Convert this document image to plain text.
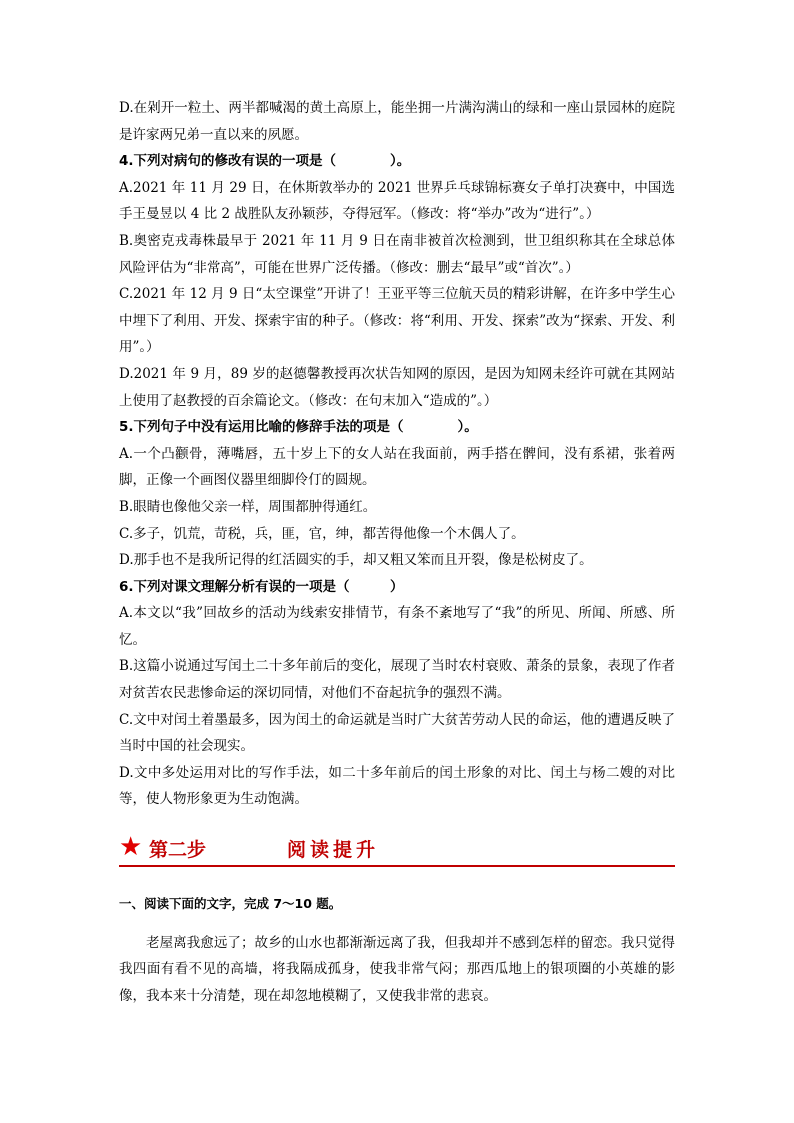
D.在剁开一粒土、两半都喊渴的黄土高原上，能坐拥一片满沟满山的绿和一座山景园林的庭院是许家两兄弟一直以来的夙愿。

4.下列对病句的修改有误的一项是（　　　　）。

A.2021 年 11 月 29 日，在休斯敦举办的 2021 世界乒乓球锦标赛女子单打决赛中，中国选手王曼昱以 4 比 2 战胜队友孙颖莎，夺得冠军。（修改：将“举办”改为“进行”。）

B.奥密克戎毒株最早于 2021 年 11 月 9 日在南非被首次检测到，世卫组织称其在全球总体风险评估为“非常高”，可能在世界广泛传播。（修改：删去“最早”或“首次”。）

C.2021 年 12 月 9 日“太空课堂”开讲了！王亚平等三位航天员的精彩讲解，在许多中学生心中埋下了利用、开发、探索宇宙的种子。（修改：将“利用、开发、探索”改为“探索、开发、利用”。）

D.2021 年 9 月，89 岁的赵德馨教授再次状告知网的原因，是因为知网未经许可就在其网站上使用了赵教授的百余篇论文。（修改：在句末加入“造成的”。）

5.下列句子中没有运用比喻的修辞手法的项是（　　　　）。

A.一个凸颧骨，薄嘴唇，五十岁上下的女人站在我面前，两手搭在髀间，没有系裙，张着两脚，正像一个画图仪器里细脚伶仃的圆规。

B.眼睛也像他父亲一样，周围都肿得通红。

C.多子，饥荒，苛税，兵，匪，官，绅，都苦得他像一个木偶人了。

D.那手也不是我所记得的红活圆实的手，却又粗又笨而且开裂，像是松树皮了。

6.下列对课文理解分析有误的一项是（　　　）

A.本文以“我”回故乡的活动为线索安排情节，有条不紊地写了“我”的所见、所闻、所感、所忆。

B.这篇小说通过写闰土二十多年前后的变化，展现了当时农村衰败、萧条的景象，表现了作者对贫苦农民悲惨命运的深切同情，对他们不奋起抗争的强烈不满。

C.文中对闰土着墨最多，因为闰土的命运就是当时广大贫苦劳动人民的命运，他的遭遇反映了当时中国的社会现实。

D.文中多处运用对比的写作手法，如二十多年前后的闰土形象的对比、闰土与杨二嫂的对比等，使人物形象更为生动饱满。

★ 第二步	阅读提升

一、阅读下面的文字，完成 7～10 题。

老屋离我愈远了；故乡的山水也都渐渐远离了我，但我却并不感到怎样的留恋。我只觉得我四面有看不见的高墙，将我隔成孤身，使我非常气闷；那西瓜地上的银项圈的小英雄的影像，我本来十分清楚，现在却忽地模糊了，又使我非常的悲哀。
